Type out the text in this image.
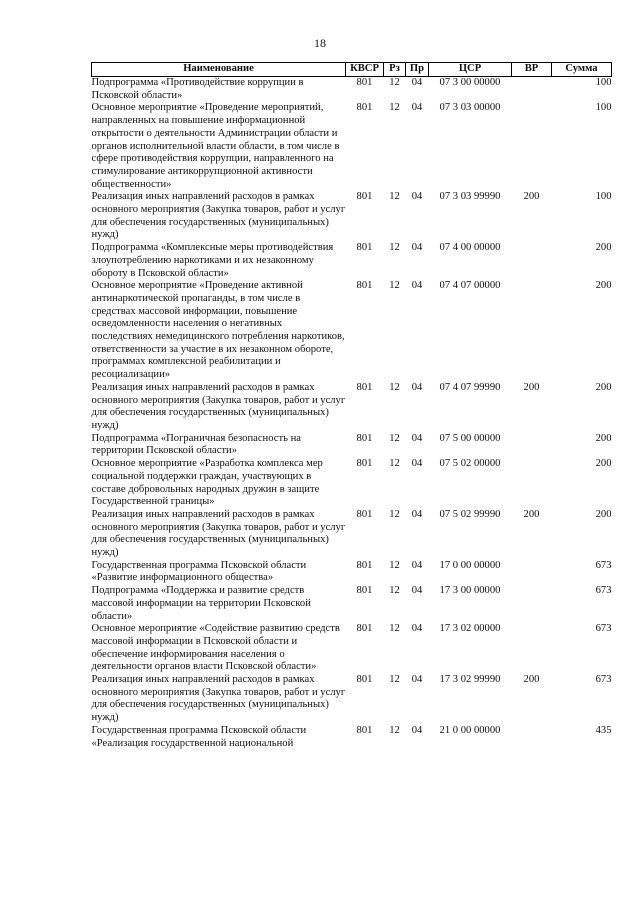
18
Наименование	КВСР	Рз	Пр	ЦСР	ВР	Сумма
Подпрограмма «Противодействие коррупции в Псковской области»	801	12	04	07 3 00 00000		100
Основное мероприятие «Проведение мероприятий, направленных на повышение информационной открытости о деятельности Администрации области и органов исполнительной власти области, в том числе в сфере противодействия коррупции, направленного на стимулирование антикоррупционной активности общественности»	801	12	04	07 3 03 00000		100
Реализация иных направлений расходов в рамках основного мероприятия (Закупка товаров, работ и услуг для обеспечения государственных (муниципальных) нужд)	801	12	04	07 3 03 99990	200	100
Подпрограмма «Комплексные меры противодействия злоупотреблению наркотиками и их незаконному обороту в Псковской области»	801	12	04	07 4 00 00000		200
Основное мероприятие «Проведение активной антинаркотической пропаганды, в том числе в средствах массовой информации, повышение осведомленности населения о негативных последствиях немедицинского потребления наркотиков, ответственности за участие в их незаконном обороте, программах комплексной реабилитации и ресоциализации»	801	12	04	07 4 07 00000		200
Реализация иных направлений расходов в рамках основного мероприятия (Закупка товаров, работ и услуг для обеспечения государственных (муниципальных) нужд)	801	12	04	07 4 07 99990	200	200
Подпрограмма «Пограничная безопасность на территории Псковской области»	801	12	04	07 5 00 00000		200
Основное мероприятие «Разработка комплекса мер социальной поддержки граждан, участвующих в составе добровольных народных дружин в защите Государственной границы»	801	12	04	07 5 02 00000		200
Реализация иных направлений расходов в рамках основного мероприятия (Закупка товаров, работ и услуг для обеспечения государственных (муниципальных) нужд)	801	12	04	07 5 02 99990	200	200
Государственная программа Псковской области «Развитие информационного общества»	801	12	04	17 0 00 00000		673
Подпрограмма «Поддержка и развитие средств массовой информации на территории Псковской области»	801	12	04	17 3 00 00000		673
Основное мероприятие «Содействие развитию средств массовой информации в Псковской области и обеспечение информирования населения о деятельности органов власти Псковской области»	801	12	04	17 3 02 00000		673
Реализация иных направлений расходов в рамках основного мероприятия (Закупка товаров, работ и услуг для обеспечения государственных (муниципальных) нужд)	801	12	04	17 3 02 99990	200	673
Государственная программа Псковской области «Реализация государственной национальной	801	12	04	21 0 00 00000		435
